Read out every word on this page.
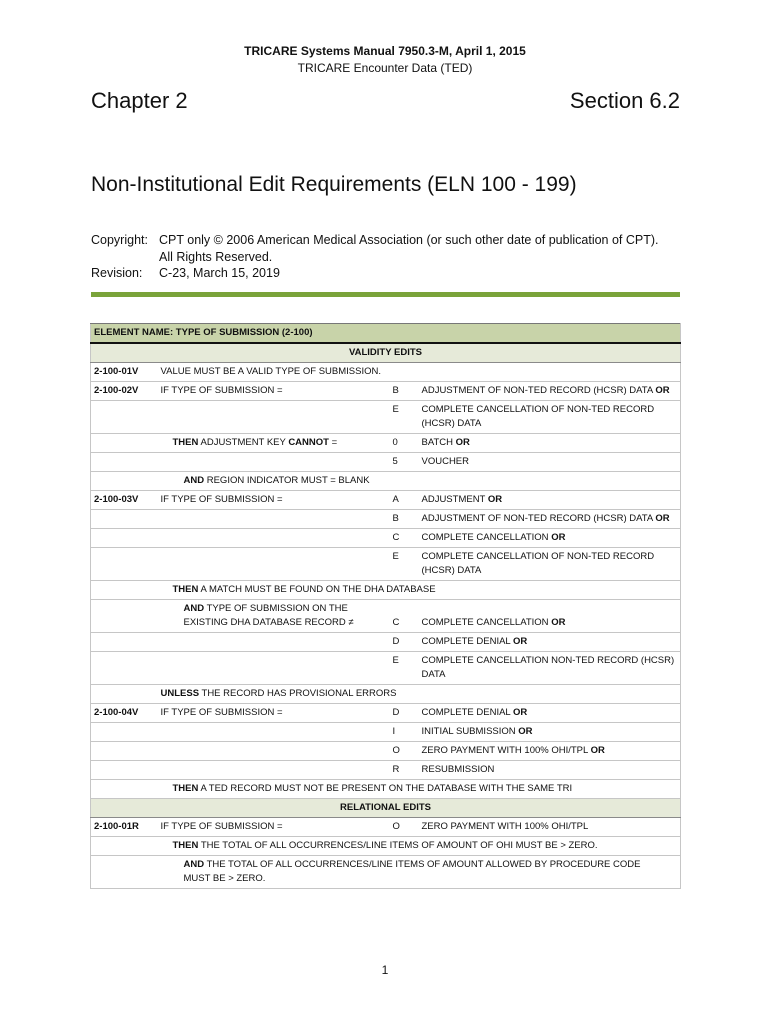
TRICARE Systems Manual 7950.3-M, April 1, 2015
TRICARE Encounter Data (TED)
Chapter 2	Section 6.2
Non-Institutional Edit Requirements (ELN 100 - 199)
Copyright: CPT only © 2006 American Medical Association (or such other date of publication of CPT).
All Rights Reserved.
Revision: C-23, March 15, 2019
ELEMENT NAME: TYPE OF SUBMISSION (2-100)			
VALIDITY EDITS			
2-100-01V	VALUE MUST BE A VALID TYPE OF SUBMISSION.		
2-100-02V	IF TYPE OF SUBMISSION =	B	ADJUSTMENT OF NON-TED RECORD (HCSR) DATA OR
		E	COMPLETE CANCELLATION OF NON-TED RECORD (HCSR) DATA
	THEN ADJUSTMENT KEY CANNOT =	0	BATCH OR
		5	VOUCHER
	AND REGION INDICATOR MUST = BLANK		
2-100-03V	IF TYPE OF SUBMISSION =	A	ADJUSTMENT OR
		B	ADJUSTMENT OF NON-TED RECORD (HCSR) DATA OR
		C	COMPLETE CANCELLATION OR
		E	COMPLETE CANCELLATION OF NON-TED RECORD (HCSR) DATA
	THEN A MATCH MUST BE FOUND ON THE DHA DATABASE		
	AND TYPE OF SUBMISSION ON THE
EXISTING DHA DATABASE RECORD ≠	C	COMPLETE CANCELLATION OR
		D	COMPLETE DENIAL OR
		E	COMPLETE CANCELLATION NON-TED RECORD (HCSR) DATA
	UNLESS THE RECORD HAS PROVISIONAL ERRORS		
2-100-04V	IF TYPE OF SUBMISSION =	D	COMPLETE DENIAL OR
		I	INITIAL SUBMISSION OR
		O	ZERO PAYMENT WITH 100% OHI/TPL OR
		R	RESUBMISSION
	THEN A TED RECORD MUST NOT BE PRESENT ON THE DATABASE WITH THE SAME TRI		
RELATIONAL EDITS			
2-100-01R	IF TYPE OF SUBMISSION =	O	ZERO PAYMENT WITH 100% OHI/TPL
	THEN THE TOTAL OF ALL OCCURRENCES/LINE ITEMS OF AMOUNT OF OHI MUST BE > ZERO.		

	AND THE TOTAL OF ALL OCCURRENCES/LINE ITEMS OF AMOUNT ALLOWED BY PROCEDURE CODE MUST BE > ZERO.		
1
